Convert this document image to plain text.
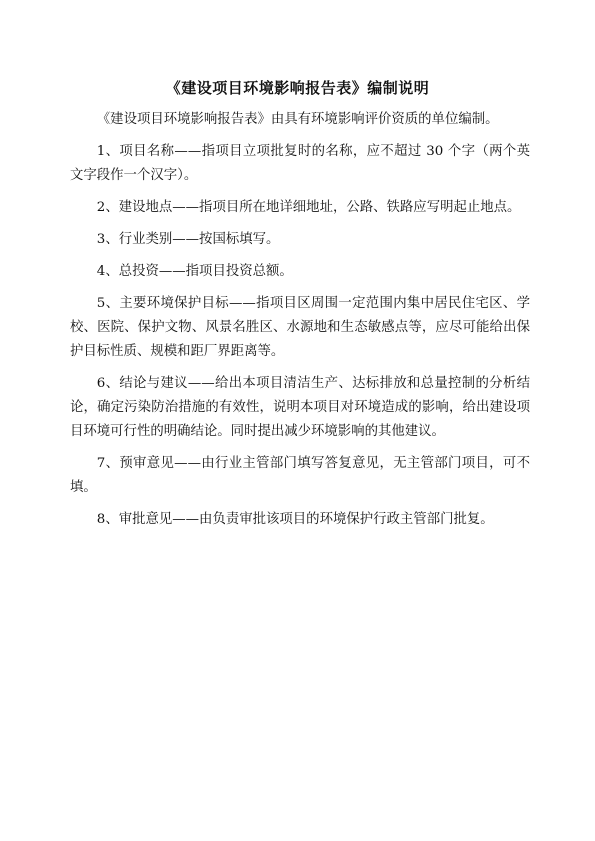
《建设项目环境影响报告表》编制说明

《建设项目环境影响报告表》由具有环境影响评价资质的单位编制。

1、项目名称——指项目立项批复时的名称，应不超过 30 个字（两个英文字段作一个汉字）。

2、建设地点——指项目所在地详细地址，公路、铁路应写明起止地点。

3、行业类别——按国标填写。

4、总投资——指项目投资总额。

5、主要环境保护目标——指项目区周围一定范围内集中居民住宅区、学校、医院、保护文物、风景名胜区、水源地和生态敏感点等，应尽可能给出保护目标性质、规模和距厂界距离等。

6、结论与建议——给出本项目清洁生产、达标排放和总量控制的分析结论，确定污染防治措施的有效性，说明本项目对环境造成的影响，给出建设项目环境可行性的明确结论。同时提出减少环境影响的其他建议。

7、预审意见——由行业主管部门填写答复意见，无主管部门项目，可不填。

8、审批意见——由负责审批该项目的环境保护行政主管部门批复。
